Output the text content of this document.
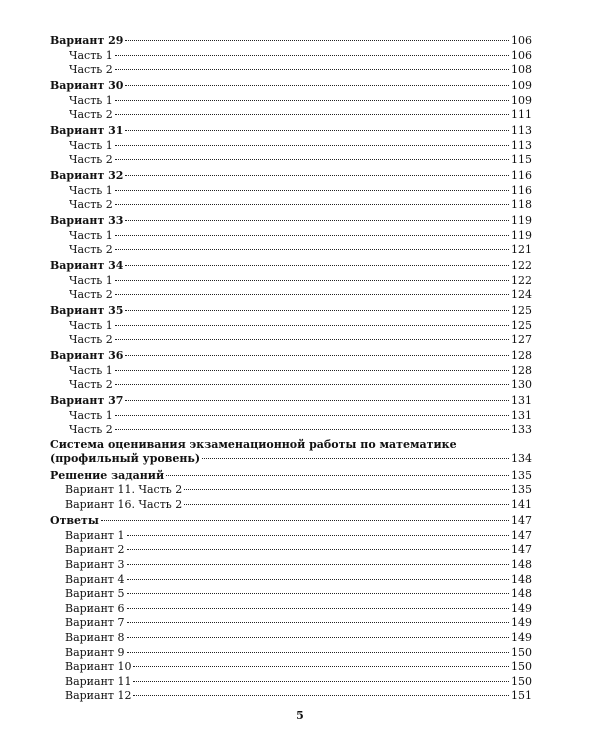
Вариант 29	106
Часть 1	106
Часть 2	108
Вариант 30	109
Часть 1	109
Часть 2	111
Вариант 31	113
Часть 1	113
Часть 2	115
Вариант 32	116
Часть 1	116
Часть 2	118
Вариант 33	119
Часть 1	119
Часть 2	121
Вариант 34	122
Часть 1	122
Часть 2	124
Вариант 35	125
Часть 1	125
Часть 2	127
Вариант 36	128
Часть 1	128
Часть 2	130
Вариант 37	131
Часть 1	131
Часть 2	133
Система оценивания экзаменационной работы по математике
(профильный уровень)	134
Решение заданий	135
Вариант 11. Часть 2	135
Вариант 16. Часть 2	141
Ответы	147
Вариант 1	147
Вариант 2	147
Вариант 3	148
Вариант 4	148
Вариант 5	148
Вариант 6	149
Вариант 7	149
Вариант 8	149
Вариант 9	150
Вариант 10	150
Вариант 11	150
Вариант 12	151
5
